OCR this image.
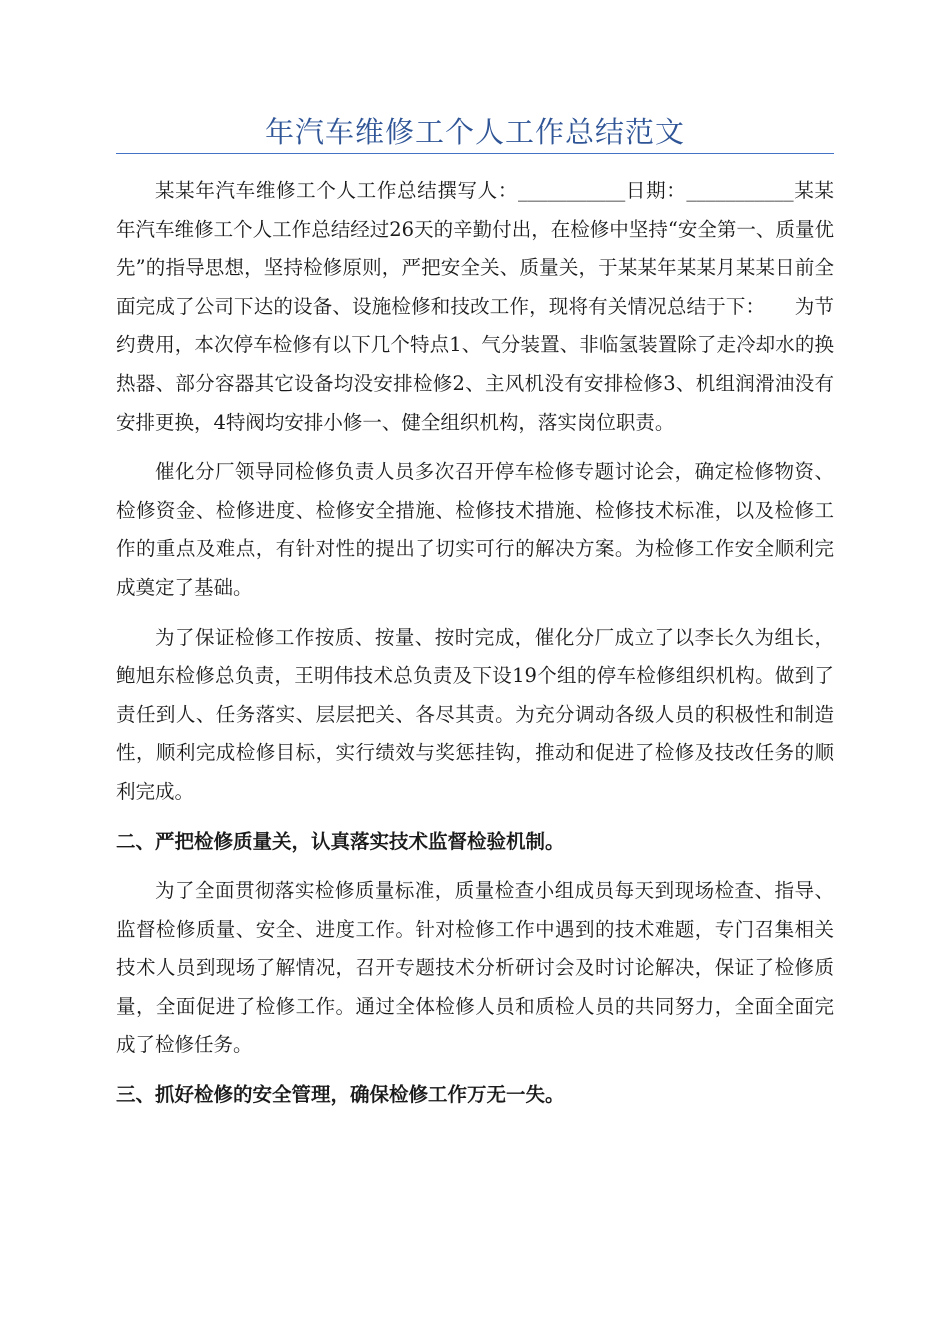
年汽车维修工个人工作总结范文

某某年汽车维修工个人工作总结撰写人：___________日期：___________某某年汽车维修工个人工作总结经过26天的辛勤付出，在检修中坚持“安全第一、质量优先”的指导思想，坚持检修原则，严把安全关、质量关，于某某年某某月某某日前全面完成了公司下达的设备、设施检修和技改工作，现将有关情况总结于下：　　为节约费用，本次停车检修有以下几个特点1、气分装置、非临氢装置除了走冷却水的换热器、部分容器其它设备均没安排检修2、主风机没有安排检修3、机组润滑油没有安排更换，4特阀均安排小修一、健全组织机构，落实岗位职责。

催化分厂领导同检修负责人员多次召开停车检修专题讨论会，确定检修物资、检修资金、检修进度、检修安全措施、检修技术措施、检修技术标准，以及检修工作的重点及难点，有针对性的提出了切实可行的解决方案。为检修工作安全顺利完成奠定了基础。

为了保证检修工作按质、按量、按时完成，催化分厂成立了以李长久为组长，鲍旭东检修总负责，王明伟技术总负责及下设19个组的停车检修组织机构。做到了责任到人、任务落实、层层把关、各尽其责。为充分调动各级人员的积极性和制造性，顺利完成检修目标，实行绩效与奖惩挂钩，推动和促进了检修及技改任务的顺利完成。

二、严把检修质量关，认真落实技术监督检验机制。

为了全面贯彻落实检修质量标准，质量检查小组成员每天到现场检查、指导、监督检修质量、安全、进度工作。针对检修工作中遇到的技术难题，专门召集相关技术人员到现场了解情况，召开专题技术分析研讨会及时讨论解决，保证了检修质量，全面促进了检修工作。通过全体检修人员和质检人员的共同努力，全面全面完成了检修任务。

三、抓好检修的安全管理，确保检修工作万无一失。
